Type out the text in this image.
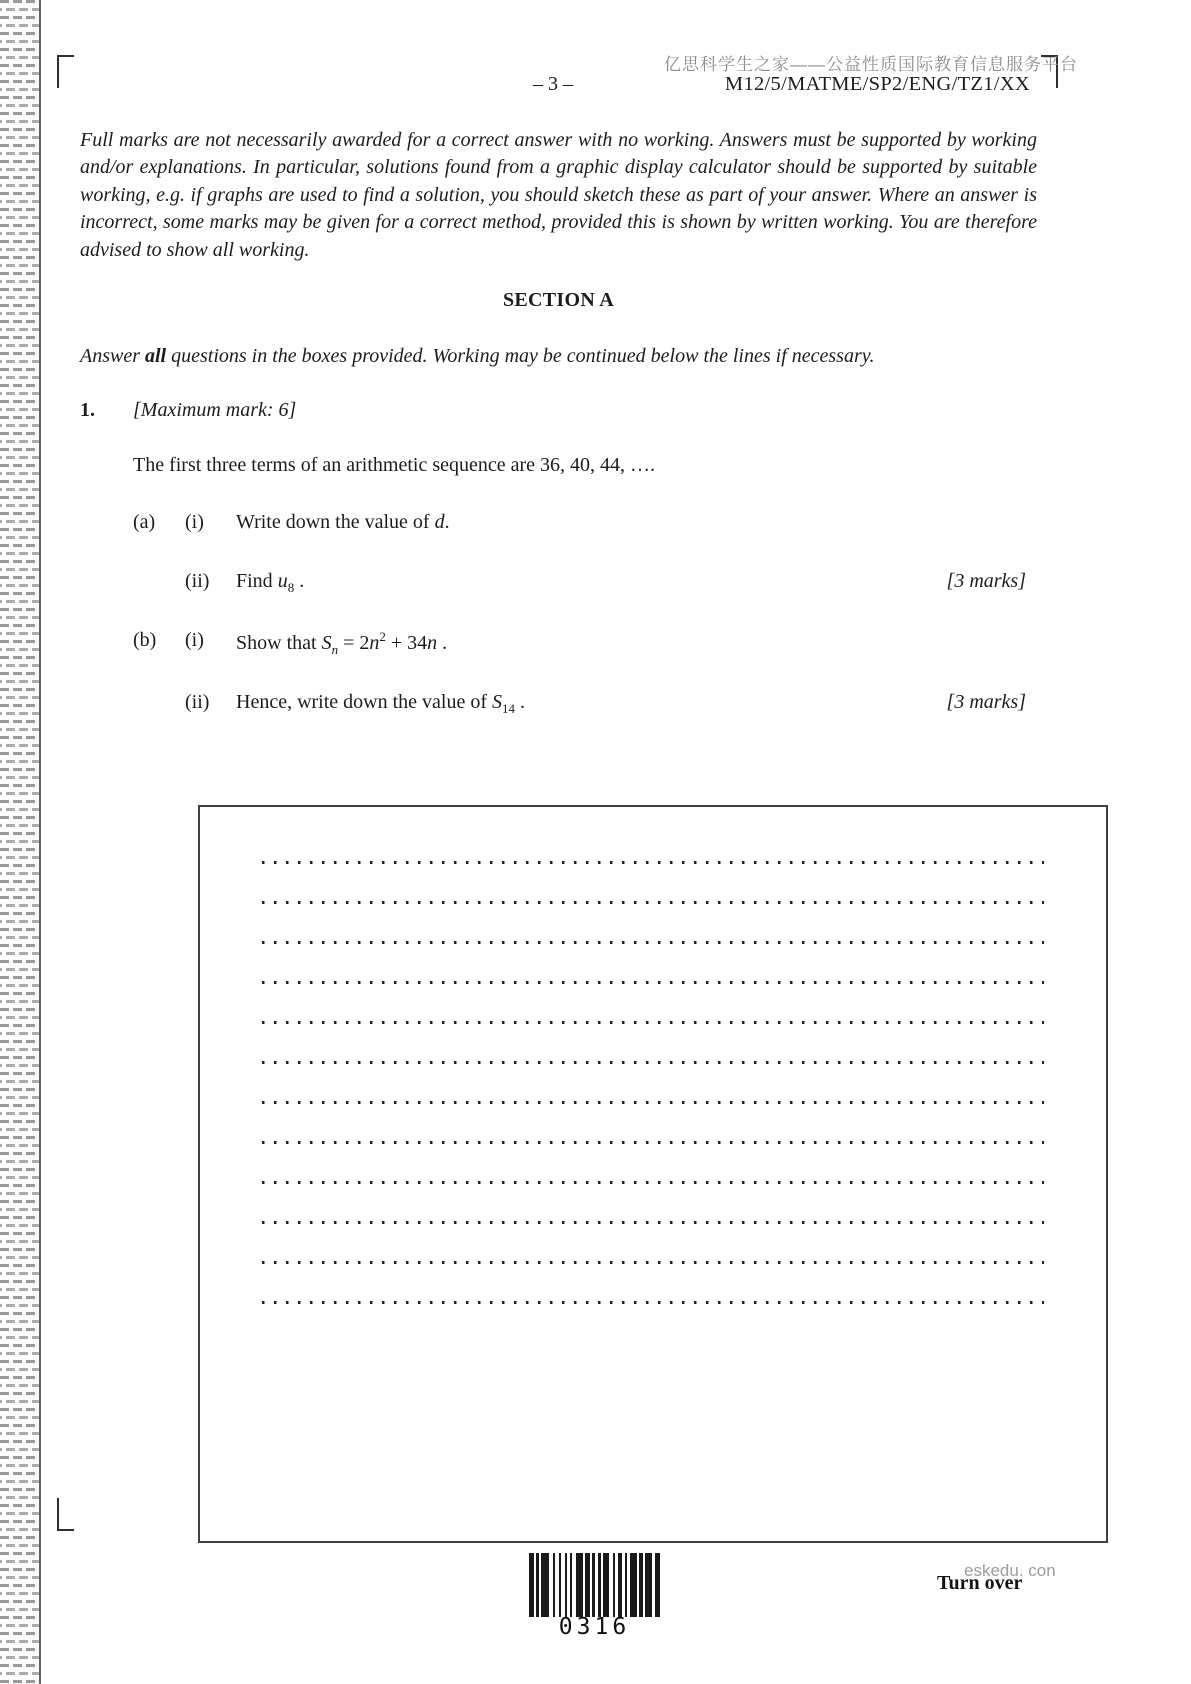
亿思科学生之家——公益性质国际教育信息服务平台
– 3 –	M12/5/MATME/SP2/ENG/TZ1/XX
Full marks are not necessarily awarded for a correct answer with no working. Answers must be supported by working and/or explanations. In particular, solutions found from a graphic display calculator should be supported by suitable working, e.g. if graphs are used to find a solution, you should sketch these as part of your answer. Where an answer is incorrect, some marks may be given for a correct method, provided this is shown by written working. You are therefore advised to show all working.
SECTION A
Answer all questions in the boxes provided. Working may be continued below the lines if necessary.
1. [Maximum mark: 6]
The first three terms of an arithmetic sequence are 36, 40, 44, ….
(a) (i) Write down the value of d.
(ii) Find $u_8$ .	[3 marks]
(b) (i) Show that $S_n = 2n^2 + 34n$ .
(ii) Hence, write down the value of $S_{14}$ .	[3 marks]
0316
eskedu. con
Turn over
